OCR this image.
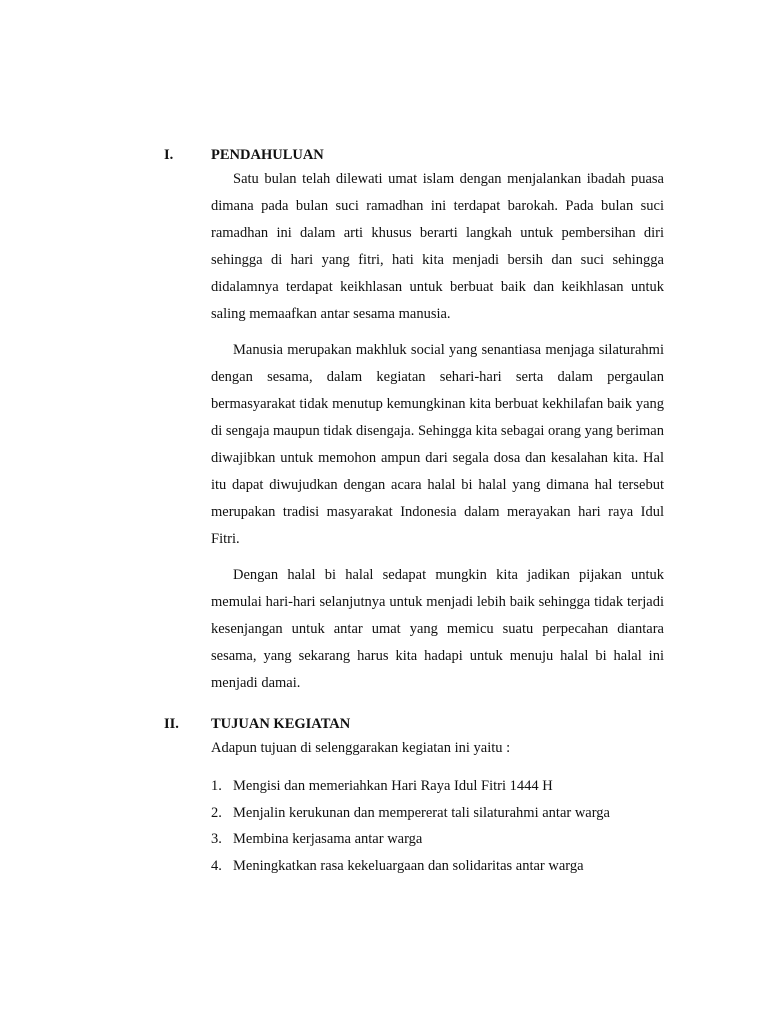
I.	PENDAHULUAN

Satu bulan telah dilewati umat islam dengan menjalankan ibadah puasa dimana pada bulan suci ramadhan ini terdapat barokah. Pada bulan suci ramadhan ini dalam arti khusus berarti langkah untuk pembersihan diri sehingga di hari yang fitri, hati kita menjadi bersih dan suci sehingga didalamnya terdapat keikhlasan untuk berbuat baik dan keikhlasan untuk saling memaafkan antar sesama manusia.

Manusia merupakan makhluk social yang senantiasa menjaga silaturahmi dengan sesama, dalam kegiatan sehari-hari serta dalam pergaulan bermasyarakat tidak menutup kemungkinan kita berbuat kekhilafan baik yang di sengaja maupun tidak disengaja. Sehingga kita sebagai orang yang beriman diwajibkan untuk memohon ampun dari segala dosa dan kesalahan kita. Hal itu dapat diwujudkan dengan acara halal bi halal yang dimana hal tersebut merupakan tradisi masyarakat Indonesia dalam merayakan hari raya Idul Fitri.

Dengan halal bi halal sedapat mungkin kita jadikan pijakan untuk memulai hari-hari selanjutnya untuk menjadi lebih baik sehingga tidak terjadi kesenjangan untuk antar umat yang memicu suatu perpecahan diantara sesama, yang sekarang harus kita hadapi untuk menuju halal bi halal ini menjadi damai.

II. TUJUAN KEGIATAN
Adapun tujuan di selenggarakan kegiatan ini yaitu :
1. Mengisi dan memeriahkan Hari Raya Idul Fitri 1444 H
2. Menjalin kerukunan dan mempererat tali silaturahmi antar warga
3. Membina kerjasama antar warga
4. Meningkatkan rasa kekeluargaan dan solidaritas antar warga
